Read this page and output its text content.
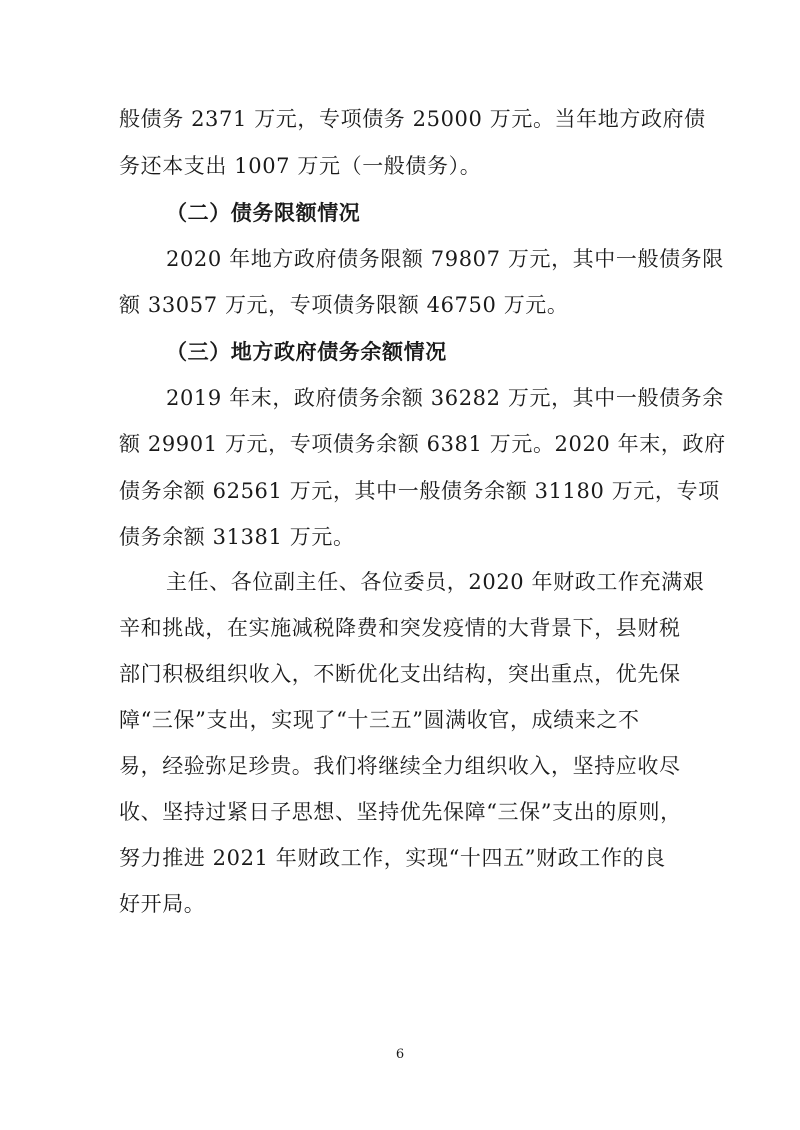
般债务 2371 万元，专项债务 25000 万元。当年地方政府债
务还本支出 1007 万元（一般债务）。
（二）债务限额情况
2020 年地方政府债务限额 79807 万元，其中一般债务限
额 33057 万元，专项债务限额 46750 万元。
（三）地方政府债务余额情况
2019 年末，政府债务余额 36282 万元，其中一般债务余
额 29901 万元，专项债务余额 6381 万元。2020 年末，政府
债务余额 62561 万元，其中一般债务余额 31180 万元，专项
债务余额 31381 万元。
主任、各位副主任、各位委员，2020 年财政工作充满艰
辛和挑战，在实施减税降费和突发疫情的大背景下，县财税
部门积极组织收入，不断优化支出结构，突出重点，优先保
障“三保”支出，实现了“十三五”圆满收官，成绩来之不
易，经验弥足珍贵。我们将继续全力组织收入，坚持应收尽
收、坚持过紧日子思想、坚持优先保障“三保”支出的原则，
努力推进 2021 年财政工作，实现“十四五”财政工作的良
好开局。
6
